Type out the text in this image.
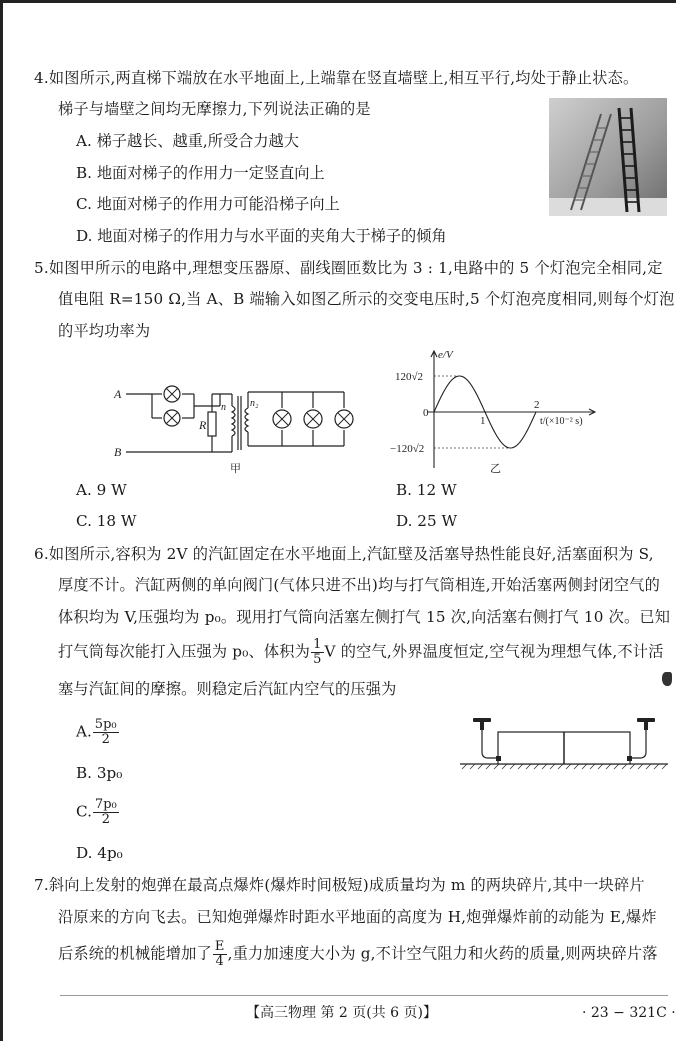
4.如图所示,两直梯下端放在水平地面上,上端靠在竖直墙壁上,相互平行,均处于静止状态。
梯子与墙壁之间均无摩擦力,下列说法正确的是
A. 梯子越长、越重,所受合力越大
B. 地面对梯子的作用力一定竖直向上
C. 地面对梯子的作用力可能沿梯子向上
D. 地面对梯子的作用力与水平面的夹角大于梯子的倾角
5.如图甲所示的电路中,理想变压器原、副线圈匝数比为 3 : 1,电路中的 5 个灯泡完全相同,定
值电阻 R=150 Ω,当 A、B 端输入如图乙所示的交变电压时,5 个灯泡亮度相同,则每个灯泡
的平均功率为
A
B
R
n n₂
甲
e/V
120√2
0
−120√2
1
2
t/(×10⁻² s)
乙
A. 9 W	B. 12 W
C. 18 W	D. 25 W
6.如图所示,容积为 2V 的汽缸固定在水平地面上,汽缸壁及活塞导热性能良好,活塞面积为 S,
厚度不计。汽缸两侧的单向阀门(气体只进不出)均与打气筒相连,开始活塞两侧封闭空气的
体积均为 V,压强均为 p₀。现用打气筒向活塞左侧打气 15 次,向活塞右侧打气 10 次。已知
打气筒每次能打入压强为 p₀、体积为 $\frac{1}{5}$ V 的空气,外界温度恒定,空气视为理想气体,不计活
塞与汽缸间的摩擦。则稳定后汽缸内空气的压强为
A. $\frac{\text{5p₀}}{2}$
B. 3p₀
C. $\frac{\text{7p₀}}{2}$
D. 4p₀
7.斜向上发射的炮弹在最高点爆炸(爆炸时间极短)成质量均为 m 的两块碎片,其中一块碎片
沿原来的方向飞去。已知炮弹爆炸时距水平地面的高度为 H,炮弹爆炸前的动能为 E,爆炸
后系统的机械能增加了 $\frac{E}{4}$ ,重力加速度大小为 g,不计空气阻力和火药的质量,则两块碎片落
【高三物理 第 2 页(共 6 页)】	· 23 − 321C ·
